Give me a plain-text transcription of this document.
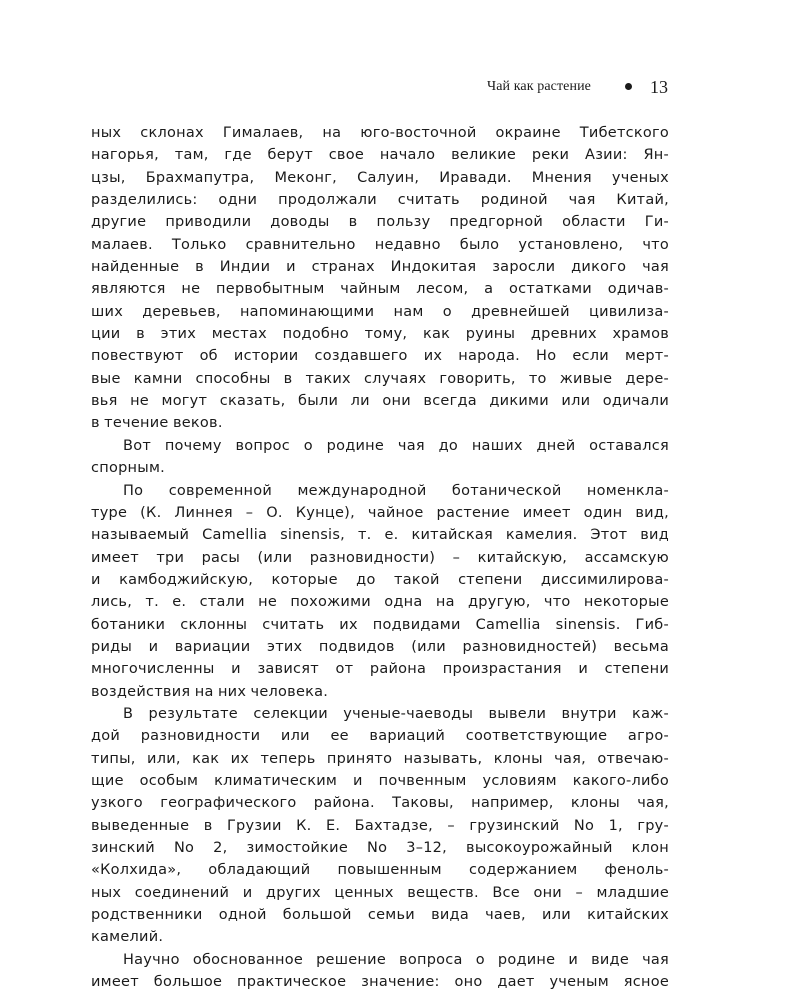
Чай как растение	13
ных склонах Гималаев, на юго-восточной окраине Тибетского
нагорья, там, где берут свое начало великие реки Азии: Ян-
цзы, Брахмапутра, Меконг, Салуин, Иравади. Мнения ученых
разделились: одни продолжали считать родиной чая Китай,
другие приводили доводы в пользу предгорной области Ги-
малаев. Только сравнительно недавно было установлено, что
найденные в Индии и странах Индокитая заросли дикого чая
являются не первобытным чайным лесом, а остатками одичав-
ших деревьев, напоминающими нам о древнейшей цивилиза-
ции в этих местах подобно тому, как руины древних храмов
повествуют об истории создавшего их народа. Но если мерт-
вые камни способны в таких случаях говорить, то живые дере-
вья не могут сказать, были ли они всегда дикими или одичали
в течение веков.
Вот почему вопрос о родине чая до наших дней оставался
спорным.
По современной международной ботанической номенкла-
туре (К. Линнея – О. Кунце), чайное растение имеет один вид,
называемый Camellia sinensis, т. е. китайская камелия. Этот вид
имеет три расы (или разновидности) – китайскую, ассамскую
и камбоджийскую, которые до такой степени диссимилирова-
лись, т. е. стали не похожими одна на другую, что некоторые
ботаники склонны считать их подвидами Camellia sinensis. Гиб-
риды и вариации этих подвидов (или разновидностей) весьма
многочисленны и зависят от района произрастания и степени
воздействия на них человека.
В результате селекции ученые-чаеводы вывели внутри каж-
дой разновидности или ее вариаций соответствующие агро-
типы, или, как их теперь принято называть, клоны чая, отвечаю-
щие особым климатическим и почвенным условиям какого-либо
узкого географического района. Таковы, например, клоны чая,
выведенные в Грузии К. Е. Бахтадзе, – грузинский No 1, гру-
зинский No 2, зимостойкие No 3–12, высокоурожайный клон
«Колхида», обладающий повышенным содержанием феноль-
ных соединений и других ценных веществ. Все они – младшие
родственники одной большой семьи вида чаев, или китайских
камелий.
Научно обоснованное решение вопроса о родине и виде чая
имеет большое практическое значение: оно дает ученым ясное
